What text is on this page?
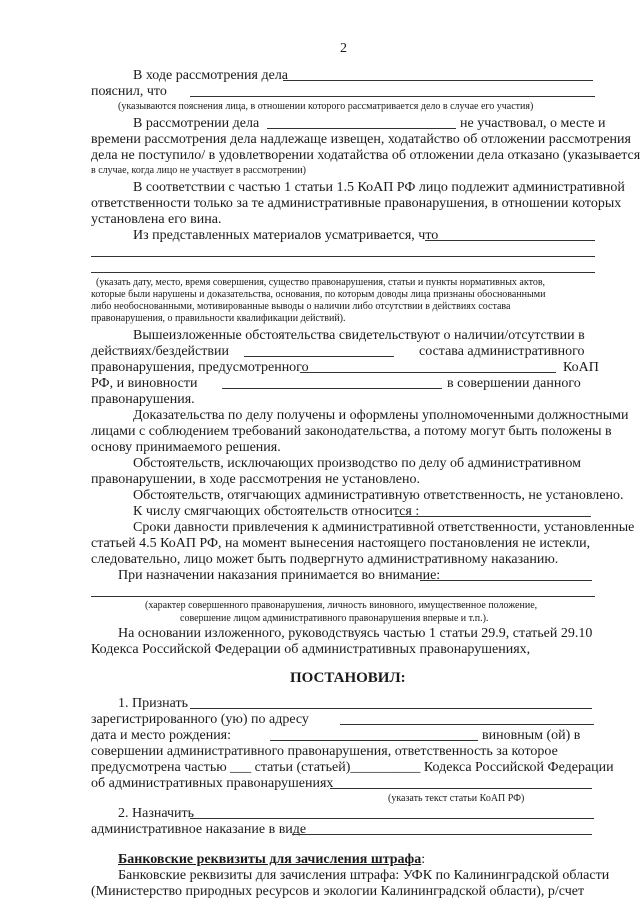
2
В ходе рассмотрения дела
пояснил, что
(указываются пояснения лица, в отношении которого рассматривается дело в случае его участия)
В рассмотрении дела	не участвовал, о месте и
времени рассмотрения дела надлежаще извещен, ходатайство об отложении рассмотрения
дела не поступило/ в удовлетворении ходатайства об отложении дела отказано (указывается
в случае, когда лицо не участвует в рассмотрении)
В соответствии с частью 1 статьи 1.5 КоАП РФ лицо подлежит административной
ответственности только за те административные правонарушения, в отношении которых
установлена его вина.
Из представленных материалов усматривается, что
(указать дату, место, время совершения, существо правонарушения, статьи и пункты нормативных актов,
которые были нарушены и доказательства, основания, по которым доводы лица признаны обоснованными
либо необоснованными, мотивированные выводы о наличии либо отсутствии в действиях состава
правонарушения, о правильности квалификации действий).
Вышеизложенные обстоятельства свидетельствуют о наличии/отсутствии в
действиях/бездействии	состава административного
правонарушения, предусмотренного	КоАП
РФ, и виновности	в совершении данного
правонарушения.
Доказательства по делу получены и оформлены уполномоченными должностными
лицами с соблюдением требований законодательства, а потому могут быть положены в
основу принимаемого решения.
Обстоятельств, исключающих производство по делу об административном
правонарушении, в ходе рассмотрения не установлено.
Обстоятельств, отягчающих административную ответственность, не установлено.
К числу смягчающих обстоятельств относится :
Сроки давности привлечения к административной ответственности, установленные
статьей 4.5 КоАП РФ, на момент вынесения настоящего постановления не истекли,
следовательно, лицо может быть подвергнуто административному наказанию.
При назначении наказания принимается во внимание:
(характер совершенного правонарушения, личность виновного, имущественное положение,
совершение лицом административного правонарушения впервые и т.п.).
На основании изложенного, руководствуясь частью 1 статьи 29.9, статьей 29.10
Кодекса Российской Федерации об административных правонарушениях,
ПОСТАНОВИЛ:
1. Признать
зарегистрированного (ую) по адресу
дата и место рождения:	виновным (ой) в
совершении административного правонарушения, ответственность за которое
предусмотрена частью ___ статьи (статьей)__________ Кодекса Российской Федерации
об административных правонарушениях
(указать текст статьи КоАП РФ)
2. Назначить
административное наказание в виде
Банковские реквизиты для зачисления штрафа:
Банковские реквизиты для зачисления штрафа: УФК по Калининградской области
(Министерство природных ресурсов и экологии Калининградской области), р/счет
